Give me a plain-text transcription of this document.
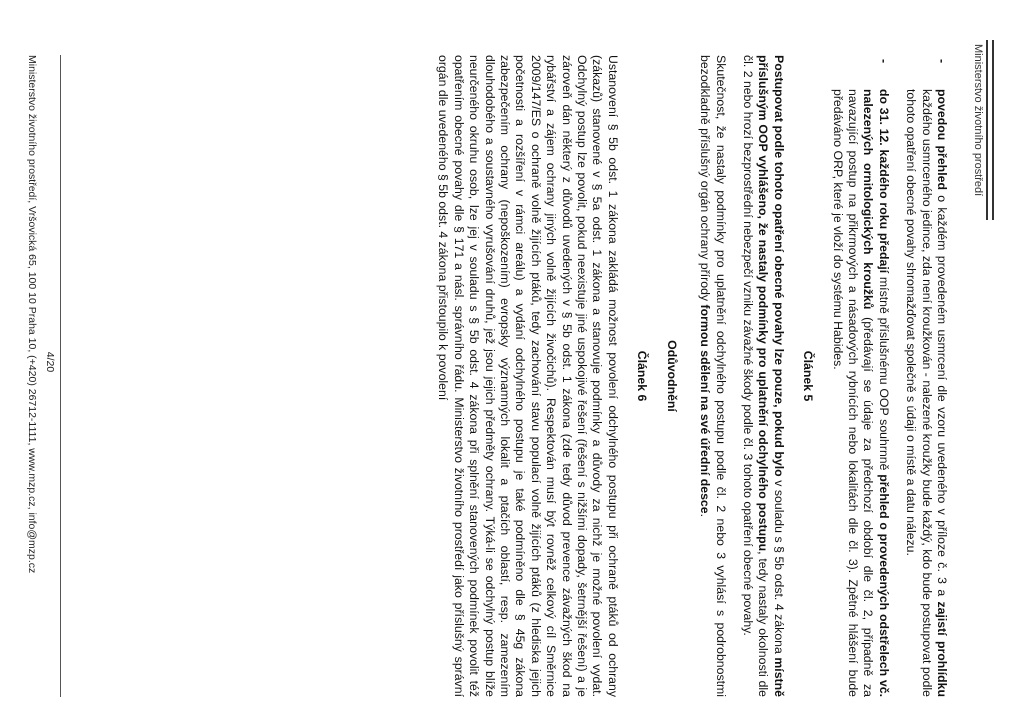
Ministerstvo životního prostředí
-
povedou přehled o každém provedeném usmrcení dle vzoru uvedeného v příloze č. 3 a zajistí prohlídku každého usmrceného jedince, zda není kroužkován - nalezené kroužky bude každý, kdo bude postupovat podle tohoto opatření obecné povahy shromažďovat společně s údaji o místě a datu nálezu.
-
do 31. 12. každého roku předají místně příslušnému OOP souhrnně přehled o provedených odstřelech vč. nalezených ornitologických kroužků (předávají se údaje za předchozí období dle čl. 2, případně za navazující postup na přikrmových a násadových rybnících nebo lokalitách dle čl. 3). Zpětné hlášení bude předáváno ORP, které je vloží do systému Habides.
Článek 5

Postupovat podle tohoto opatření obecné povahy lze pouze, pokud bylo v souladu s § 5b odst. 4 zákona místně příslušným OOP vyhlášeno, že nastaly podmínky pro uplatnění odchylného postupu, tedy nastaly okolnosti dle čl. 2 nebo hrozí bezprostřední nebezpečí vzniku závažné škody podle čl. 3 tohoto opatření obecné povahy.

Skutečnost, že nastaly podmínky pro uplatnění odchylného postupu podle čl. 2 nebo 3 vyhlásí s podrobnostmi bezodkladně příslušný orgán ochrany přírody formou sdělení na své úřední desce.

Odůvodnění
Článek 6

Ustanovení § 5b odst. 1 zákona zakládá možnost povolení odchylného postupu při ochraně ptáků od ochrany (zákazů) stanovené v § 5a odst. 1 zákona a stanovuje podmínky a důvody za nichž je možné povolení vydat. Odchylný postup lze povolit, pokud neexistuje jiné uspokojivé řešení (řešení s nižšími dopady, šetrnější řešení) a je zároveň dán některý z důvodů uvedených v § 5b odst. 1 zákona (zde tedy důvod prevence závažných škod na rybářství a zájem ochrany jiných volně žijících živočichů). Respektován musí být rovněž celkový cíl Směrnice 2009/147/ES o ochraně volně žijících ptáků, tedy zachování stavu populací volně žijících ptáků (z hlediska jejich početnosti a rozšíření v rámci areálu) a vydání odchylného postupu je také podmíněno dle § 45g zákona zabezpečením ochrany (nepoškozením) evropsky významných lokalit a ptačích oblastí, resp. zamezením dlouhodobého a soustavného vyrušování druhů, jež jsou jejich předměty ochrany. Týká-li se odchylný postup blíže neurčeného okruhu osob, lze jej v souladu s § 5b odst. 4 zákona při splnění stanovených podmínek povolit též opatřením obecné povahy dle § 171 a násl. správního řádu. Ministerstvo životního prostředí jako příslušný správní orgán dle uvedeného § 5b odst. 4 zákona přistoupilo k povolení

4/20
Ministerstvo životního prostředí, Vršovická 65, 100 10 Praha 10, (+420) 26712-1111, www.mzp.cz, info@mzp.cz
